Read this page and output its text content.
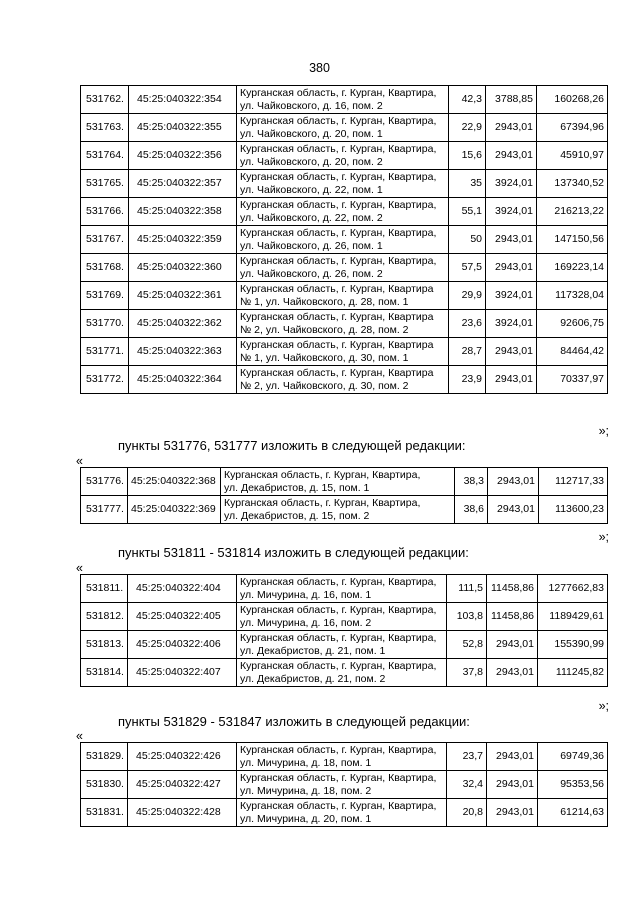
380
531762.	45:25:040322:354	Курганская область, г. Курган, Квартира,
ул. Чайковского, д. 16, пом. 2	42,3	3788,85	160268,26
531763.	45:25:040322:355	Курганская область, г. Курган, Квартира,
ул. Чайковского, д. 20, пом. 1	22,9	2943,01	67394,96
531764.	45:25:040322:356	Курганская область, г. Курган, Квартира,
ул. Чайковского, д. 20, пом. 2	15,6	2943,01	45910,97
531765.	45:25:040322:357	Курганская область, г. Курган, Квартира,
ул. Чайковского, д. 22, пом. 1	35	3924,01	137340,52
531766.	45:25:040322:358	Курганская область, г. Курган, Квартира,
ул. Чайковского, д. 22, пом. 2	55,1	3924,01	216213,22
531767.	45:25:040322:359	Курганская область, г. Курган, Квартира,
ул. Чайковского, д. 26, пом. 1	50	2943,01	147150,56
531768.	45:25:040322:360	Курганская область, г. Курган, Квартира,
ул. Чайковского, д. 26, пом. 2	57,5	2943,01	169223,14
531769.	45:25:040322:361	Курганская область, г. Курган, Квартира
№ 1, ул. Чайковского, д. 28, пом. 1	29,9	3924,01	117328,04
531770.	45:25:040322:362	Курганская область, г. Курган, Квартира
№ 2, ул. Чайковского, д. 28, пом. 2	23,6	3924,01	92606,75
531771.	45:25:040322:363	Курганская область, г. Курган, Квартира
№ 1, ул. Чайковского, д. 30, пом. 1	28,7	2943,01	84464,42
531772.	45:25:040322:364	Курганская область, г. Курган, Квартира
№ 2, ул. Чайковского, д. 30, пом. 2	23,9	2943,01	70337,97
»;
пункты 531776, 531777 изложить в следующей редакции:
«
531776.	45:25:040322:368	Курганская область, г. Курган, Квартира,
ул. Декабристов, д. 15, пом. 1	38,3	2943,01	112717,33
531777.	45:25:040322:369	Курганская область, г. Курган, Квартира,
ул. Декабристов, д. 15, пом. 2	38,6	2943,01	113600,23
»;
пункты 531811 - 531814 изложить в следующей редакции:
«
531811.	45:25:040322:404	Курганская область, г. Курган, Квартира,
ул. Мичурина, д. 16, пом. 1	111,5	11458,86	1277662,83
531812.	45:25:040322:405	Курганская область, г. Курган, Квартира,
ул. Мичурина, д. 16, пом. 2	103,8	11458,86	1189429,61
531813.	45:25:040322:406	Курганская область, г. Курган, Квартира,
ул. Декабристов, д. 21, пом. 1	52,8	2943,01	155390,99
531814.	45:25:040322:407	Курганская область, г. Курган, Квартира,
ул. Декабристов, д. 21, пом. 2	37,8	2943,01	111245,82
»;
пункты 531829 - 531847 изложить в следующей редакции:
«
531829.	45:25:040322:426	Курганская область, г. Курган, Квартира,
ул. Мичурина, д. 18, пом. 1	23,7	2943,01	69749,36
531830.	45:25:040322:427	Курганская область, г. Курган, Квартира,
ул. Мичурина, д. 18, пом. 2	32,4	2943,01	95353,56
531831.	45:25:040322:428	Курганская область, г. Курган, Квартира,
ул. Мичурина, д. 20, пом. 1	20,8	2943,01	61214,63
